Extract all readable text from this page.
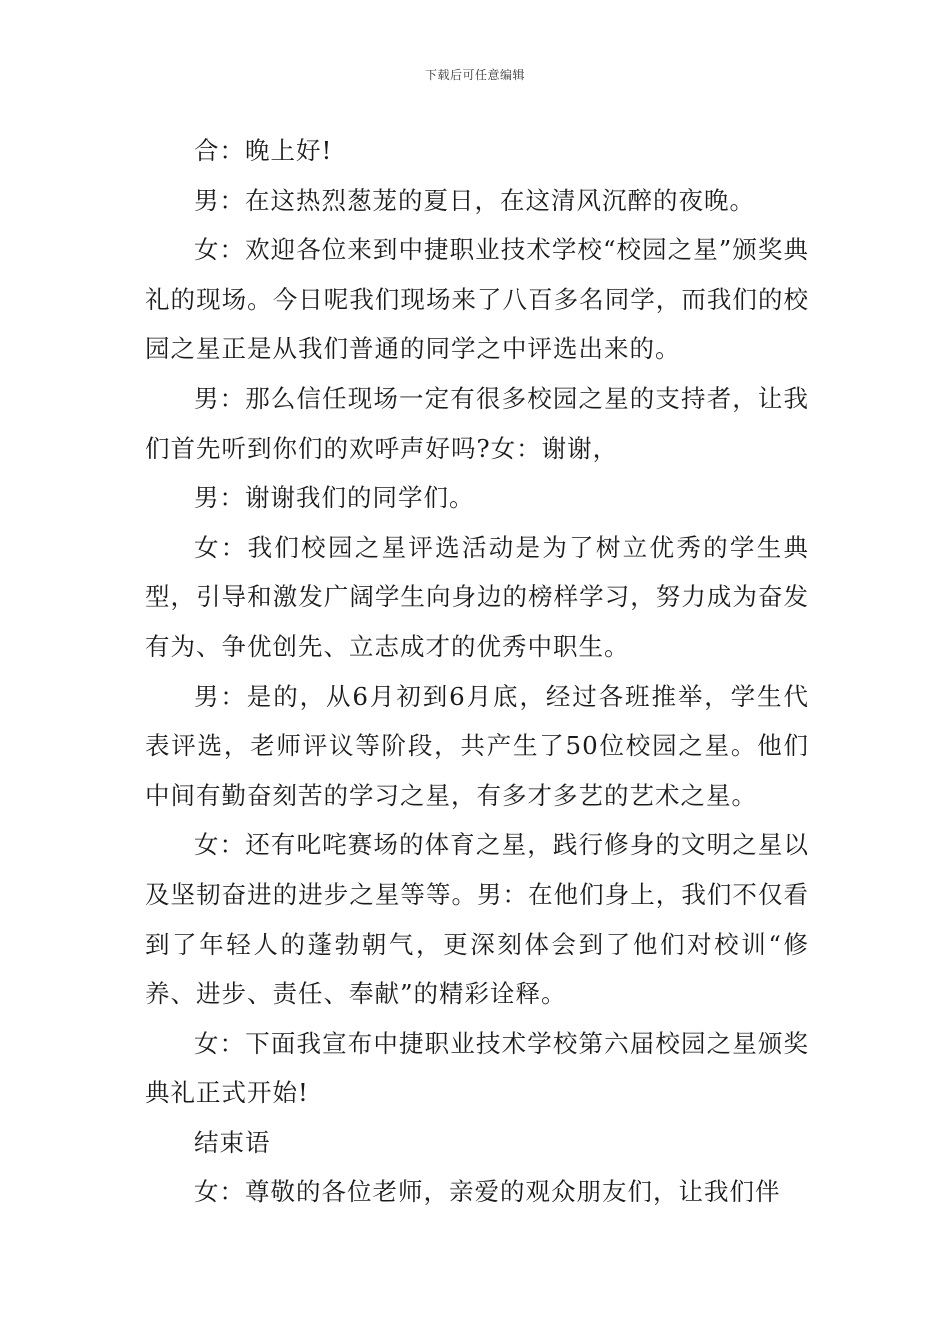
下载后可任意编辑

合：晚上好!

男：在这热烈葱茏的夏日，在这清风沉醉的夜晚。

女：欢迎各位来到中捷职业技术学校“校园之星”颁奖典礼的现场。今日呢我们现场来了八百多名同学，而我们的校园之星正是从我们普通的同学之中评选出来的。

男：那么信任现场一定有很多校园之星的支持者，让我们首先听到你们的欢呼声好吗?女：谢谢，

男：谢谢我们的同学们。

女：我们校园之星评选活动是为了树立优秀的学生典型，引导和激发广阔学生向身边的榜样学习，努力成为奋发有为、争优创先、立志成才的优秀中职生。

男：是的，从6月初到6月底，经过各班推举，学生代表评选，老师评议等阶段，共产生了50位校园之星。他们中间有勤奋刻苦的学习之星，有多才多艺的艺术之星。

女：还有叱咤赛场的体育之星，践行修身的文明之星以及坚韧奋进的进步之星等等。男：在他们身上，我们不仅看到了年轻人的蓬勃朝气，更深刻体会到了他们对校训“修养、进步、责任、奉献”的精彩诠释。

女：下面我宣布中捷职业技术学校第六届校园之星颁奖典礼正式开始!

结束语

女：尊敬的各位老师，亲爱的观众朋友们，让我们伴
